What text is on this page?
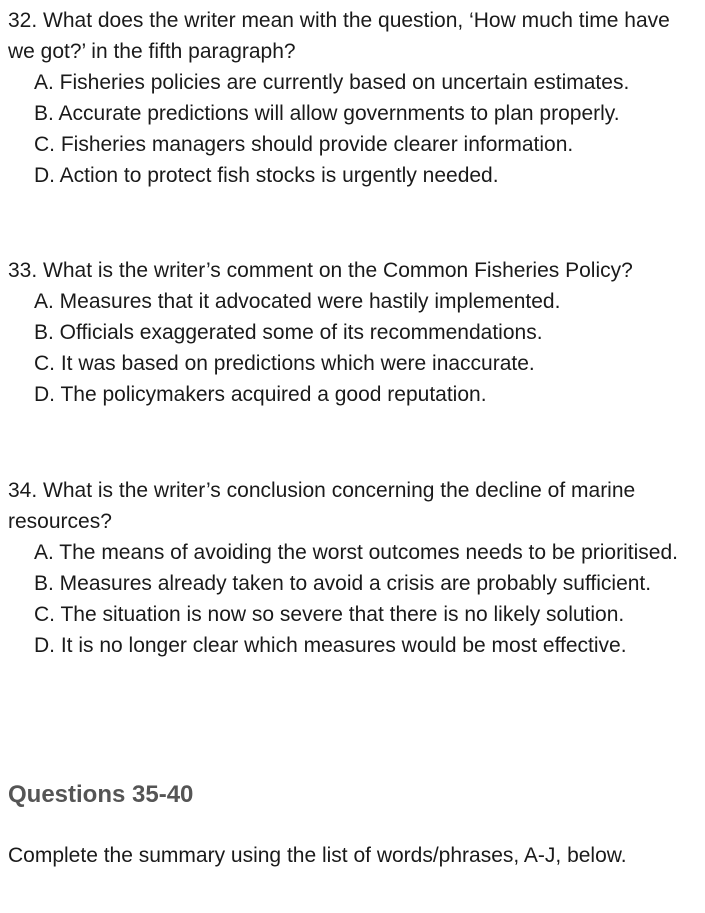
32. What does the writer mean with the question, ‘How much time have we got?’ in the fifth paragraph?

A. Fisheries policies are currently based on uncertain estimates.

B. Accurate predictions will allow governments to plan properly.

C. Fisheries managers should provide clearer information.

D. Action to protect fish stocks is urgently needed.

33. What is the writer’s comment on the Common Fisheries Policy?

A. Measures that it advocated were hastily implemented.

B. Officials exaggerated some of its recommendations.

C. It was based on predictions which were inaccurate.

D. The policymakers acquired a good reputation.

34. What is the writer’s conclusion concerning the decline of marine resources?

A. The means of avoiding the worst outcomes needs to be prioritised.

B. Measures already taken to avoid a crisis are probably sufficient.

C. The situation is now so severe that there is no likely solution.

D. It is no longer clear which measures would be most effective.

Questions 35-40

Complete the summary using the list of words/phrases, A-J, below.
